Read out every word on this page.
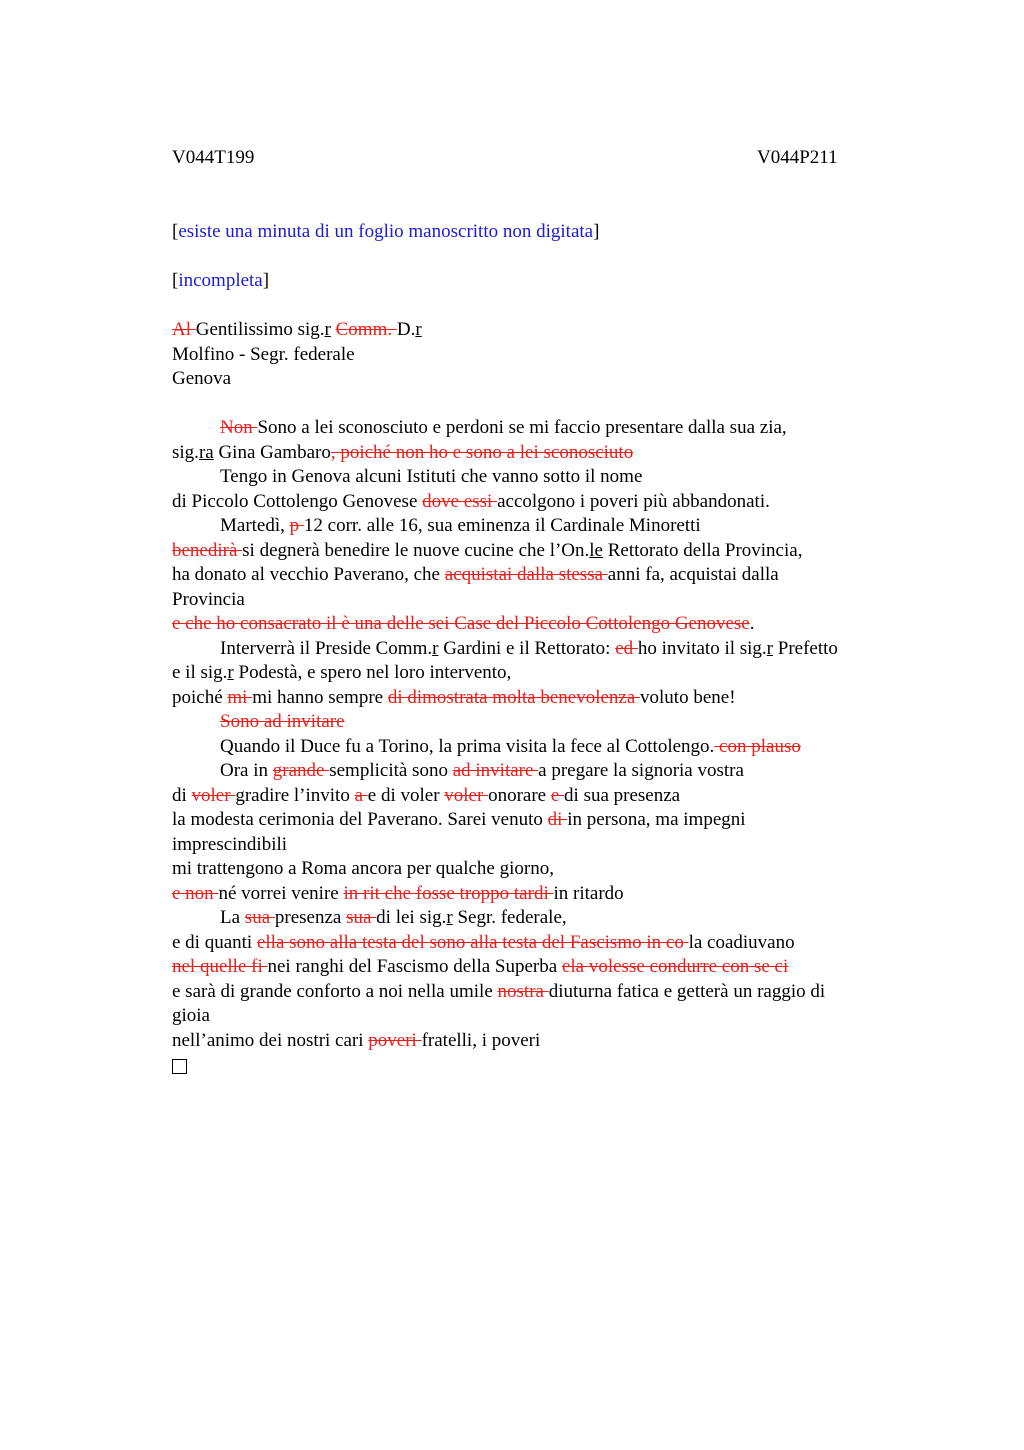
V044T199	V044P211
[esiste una minuta di un foglio manoscritto non digitata]
[incompleta]
Al Gentilissimo sig.r Comm. D.r
Molfino - Segr. federale
Genova
Non Sono a lei sconosciuto e perdoni se mi faccio presentare dalla sua zia,
sig.ra Gina Gambaro, poiché non ho e sono a lei sconosciuto
Tengo in Genova alcuni Istituti che vanno sotto il nome
di Piccolo Cottolengo Genovese dove essi accolgono i poveri più abbandonati.
Martedì, p 12 corr. alle 16, sua eminenza il Cardinale Minoretti
benedirà si degnerà benedire le nuove cucine che l’On.le Rettorato della Provincia,
ha donato al vecchio Paverano, che acquistai dalla stessa anni fa, acquistai dalla
Provincia
e che ho consacrato il è una delle sei Case del Piccolo Cottolengo Genovese.
Interverrà il Preside Comm.r Gardini e il Rettorato: ed ho invitato il sig.r Prefetto
e il sig.r Podestà, e spero nel loro intervento,
poiché mi mi hanno sempre di dimostrata molta benevolenza voluto bene!
Sono ad invitare
Quando il Duce fu a Torino, la prima visita la fece al Cottolengo. con plauso
Ora in grande semplicità sono ad invitare a pregare la signoria vostra
di voler gradire l’invito a e di voler voler onorare e di sua presenza
la modesta cerimonia del Paverano. Sarei venuto di in persona, ma impegni
imprescindibili
mi trattengono a Roma ancora per qualche giorno,
e non né vorrei venire in rit che fosse troppo tardi in ritardo
La sua presenza sua di lei sig.r Segr. federale,
e di quanti ella sono alla testa del sono alla testa del Fascismo in co la coadiuvano
nel quelle fi nei ranghi del Fascismo della Superba ela volesse condurre con se ci
e sarà di grande conforto a noi nella umile nostra diuturna fatica e getterà un raggio di
gioia
nell’animo dei nostri cari poveri fratelli, i poveri
